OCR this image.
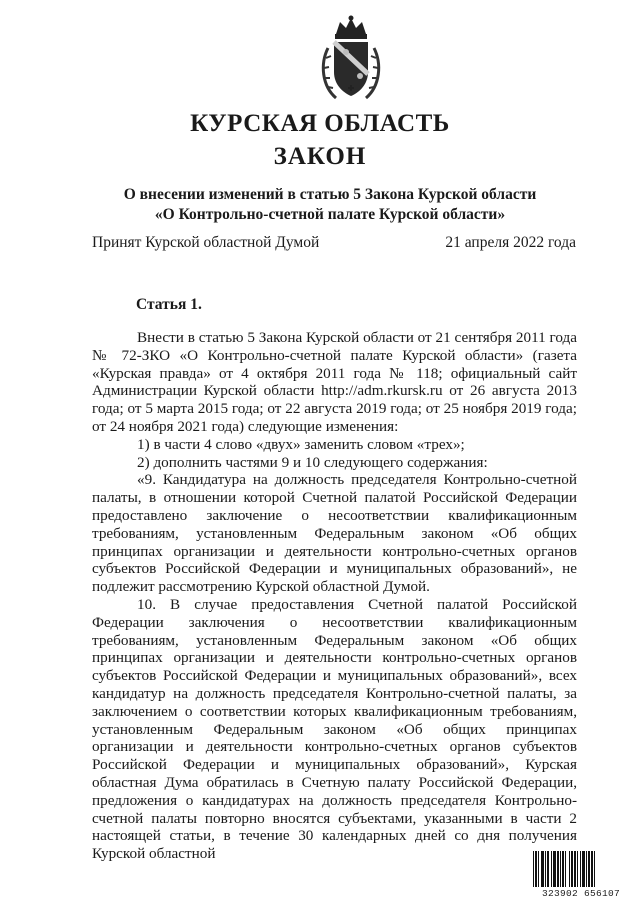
КУРСКАЯ ОБЛАСТЬ
ЗАКОН
О внесении изменений в статью 5 Закона Курской области
«О Контрольно-счетной палате Курской области»
Принят Курской областной Думой	21 апреля 2022 года
Статья 1.

Внести в статью 5 Закона Курской области от 21 сентября 2011 года № 72-ЗКО «О Контрольно-счетной палате Курской области» (газета «Курская правда» от 4 октября 2011 года № 118; официальный сайт Администрации Курской области http://adm.rkursk.ru от 26 августа 2013 года; от 5 марта 2015 года; от 22 августа 2019 года; от 25 ноября 2019 года; от 24 ноября 2021 года) следующие изменения:

1) в части 4 слово «двух» заменить словом «трех»;

2) дополнить частями 9 и 10 следующего содержания:

«9. Кандидатура на должность председателя Контрольно-счетной палаты, в отношении которой Счетной палатой Российской Федерации предоставлено заключение о несоответствии квалификационным требованиям, установленным Федеральным законом «Об общих принципах организации и деятельности контрольно-счетных органов субъектов Российской Федерации и муниципальных образований», не подлежит рассмотрению Курской областной Думой.

10. В случае предоставления Счетной палатой Российской Федерации заключения о несоответствии квалификационным требованиям, установленным Федеральным законом «Об общих принципах организации и деятельности контрольно-счетных органов субъектов Российской Федерации и муниципальных образований», всех кандидатур на должность председателя Контрольно-счетной палаты, за заключением о соответствии которых квалификационным требованиям, установленным Федеральным законом «Об общих принципах организации и деятельности контрольно-счетных органов субъектов Российской Федерации и муниципальных образований», Курская областная Дума обратилась в Счетную палату Российской Федерации, предложения о кандидатурах на должность председателя Контрольно-счетной палаты повторно вносятся субъектами, указанными в части 2 настоящей статьи, в течение 30 календарных дней со дня получения Курской областной

323902 656107
